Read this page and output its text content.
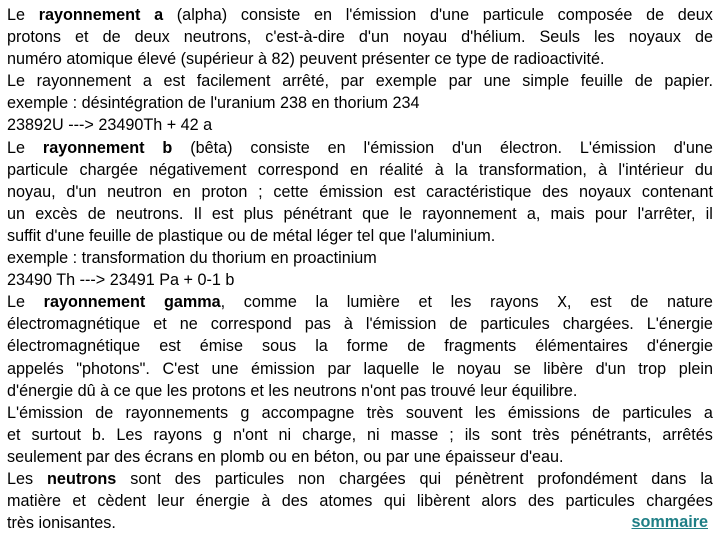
Le rayonnement a (alpha) consiste en l'émission d'une particule composée de deux
protons et de deux neutrons, c'est-à-dire d'un noyau d'hélium. Seuls les noyaux de
numéro atomique élevé (supérieur à 82) peuvent présenter ce type de radioactivité.
Le rayonnement a est facilement arrêté, par exemple par une simple feuille de papier.
exemple : désintégration de l'uranium 238 en thorium 234
23892U ---> 23490Th + 42 a
Le rayonnement b (bêta) consiste en l'émission d'un électron. L'émission d'une
particule chargée négativement correspond en réalité à la transformation, à l'intérieur du
noyau, d'un neutron en proton ; cette émission est caractéristique des noyaux contenant
un excès de neutrons. Il est plus pénétrant que le rayonnement a, mais pour l'arrêter, il
suffit d'une feuille de plastique ou de métal léger tel que l'aluminium.
exemple : transformation du thorium en proactinium
23490 Th ---> 23491 Pa + 0-1 b
Le rayonnement gamma, comme la lumière et les rayons X, est de nature
électromagnétique et ne correspond pas à l'émission de particules chargées. L'énergie
électromagnétique est émise sous la forme de fragments élémentaires d'énergie
appelés "photons". C'est une émission par laquelle le noyau se libère d'un trop plein
d'énergie dû à ce que les protons et les neutrons n'ont pas trouvé leur équilibre.
L'émission de rayonnements g accompagne très souvent les émissions de particules a
et surtout b. Les rayons g n'ont ni charge, ni masse ; ils sont très pénétrants, arrêtés
seulement par des écrans en plomb ou en béton, ou par une épaisseur d'eau.
Les neutrons sont des particules non chargées qui pénètrent profondément dans la
matière et cèdent leur énergie à des atomes qui libèrent alors des particules chargées
très ionisantes.	sommaire
